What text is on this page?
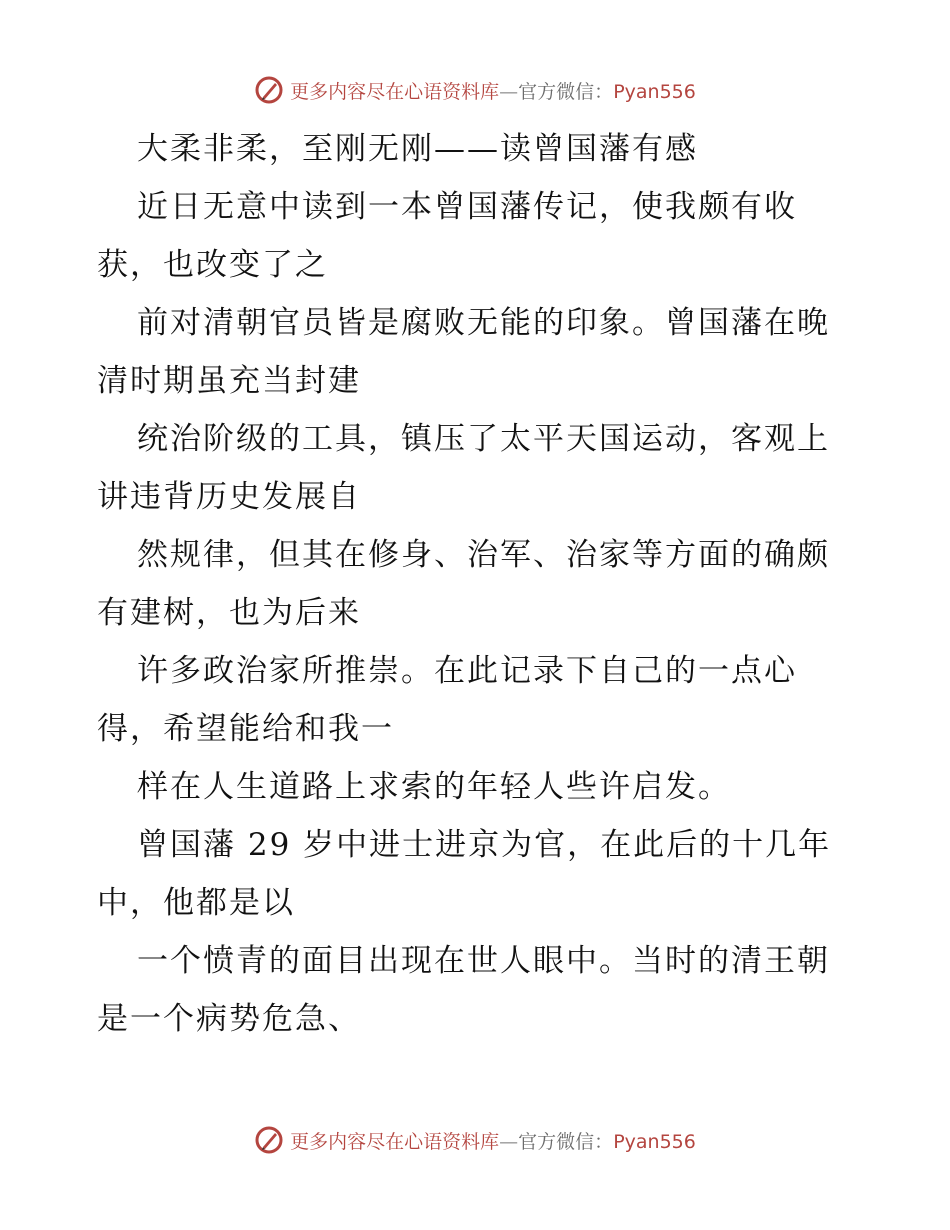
更多内容尽在心语资料库—官方微信：Pyan556
大柔非柔，至刚无刚——读曾国藩有感
近日无意中读到一本曾国藩传记，使我颇有收
获，也改变了之
前对清朝官员皆是腐败无能的印象。曾国藩在晚
清时期虽充当封建
统治阶级的工具，镇压了太平天国运动，客观上
讲违背历史发展自
然规律，但其在修身、治军、治家等方面的确颇
有建树，也为后来
许多政治家所推崇。在此记录下自己的一点心
得，希望能给和我一
样在人生道路上求索的年轻人些许启发。
曾国藩 29 岁中进士进京为官，在此后的十几年
中，他都是以
一个愤青的面目出现在世人眼中。当时的清王朝
是一个病势危急、
更多内容尽在心语资料库—官方微信：Pyan556
